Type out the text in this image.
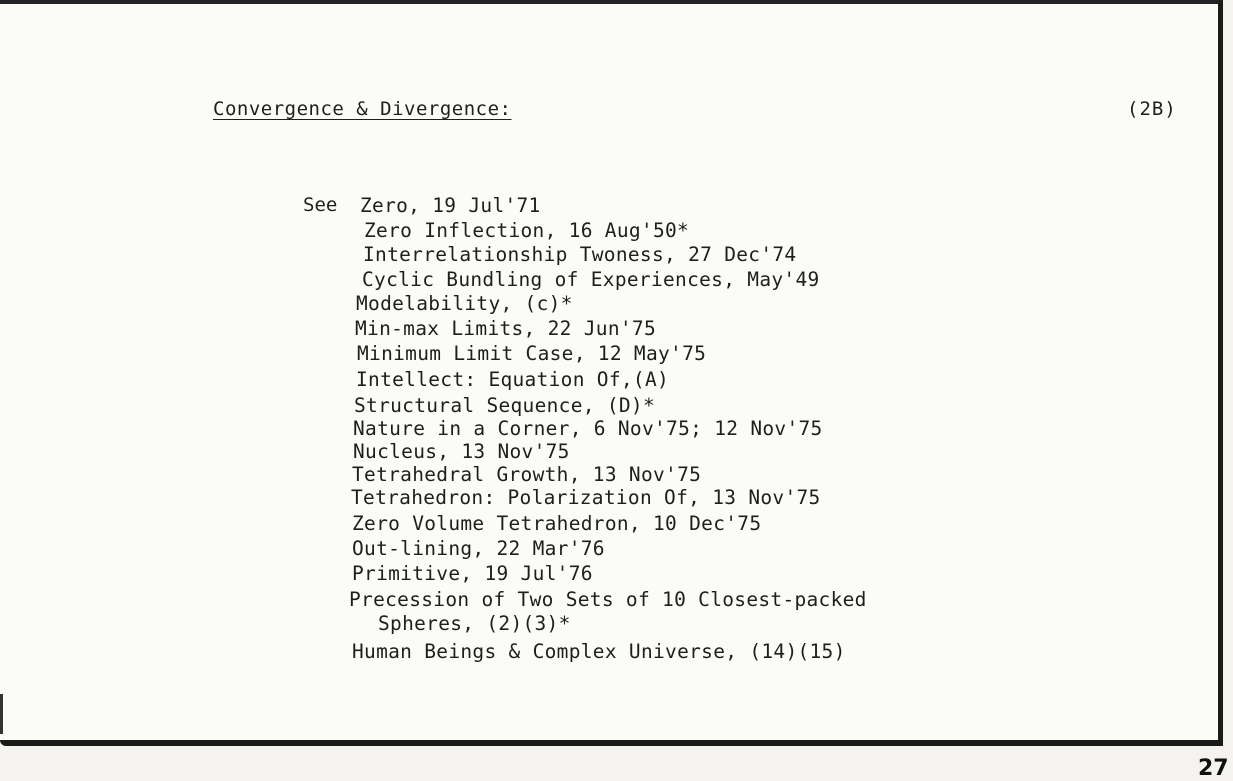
Convergence & Divergence:	(2B)
See Zero, 19 Jul'71
Zero Inflection, 16 Aug'50*
Interrelationship Twoness, 27 Dec'74
Cyclic Bundling of Experiences, May'49
Modelability, (c)*
Min-max Limits, 22 Jun'75
Minimum Limit Case, 12 May'75
Intellect: Equation Of,(A)
Structural Sequence, (D)*
Nature in a Corner, 6 Nov'75; 12 Nov'75
Nucleus, 13 Nov'75
Tetrahedral Growth, 13 Nov'75
Tetrahedron: Polarization Of, 13 Nov'75
Zero Volume Tetrahedron, 10 Dec'75
Out-lining, 22 Mar'76
Primitive, 19 Jul'76
Precession of Two Sets of 10 Closest-packed
Spheres, (2)(3)*
Human Beings & Complex Universe, (14)(15)
27
